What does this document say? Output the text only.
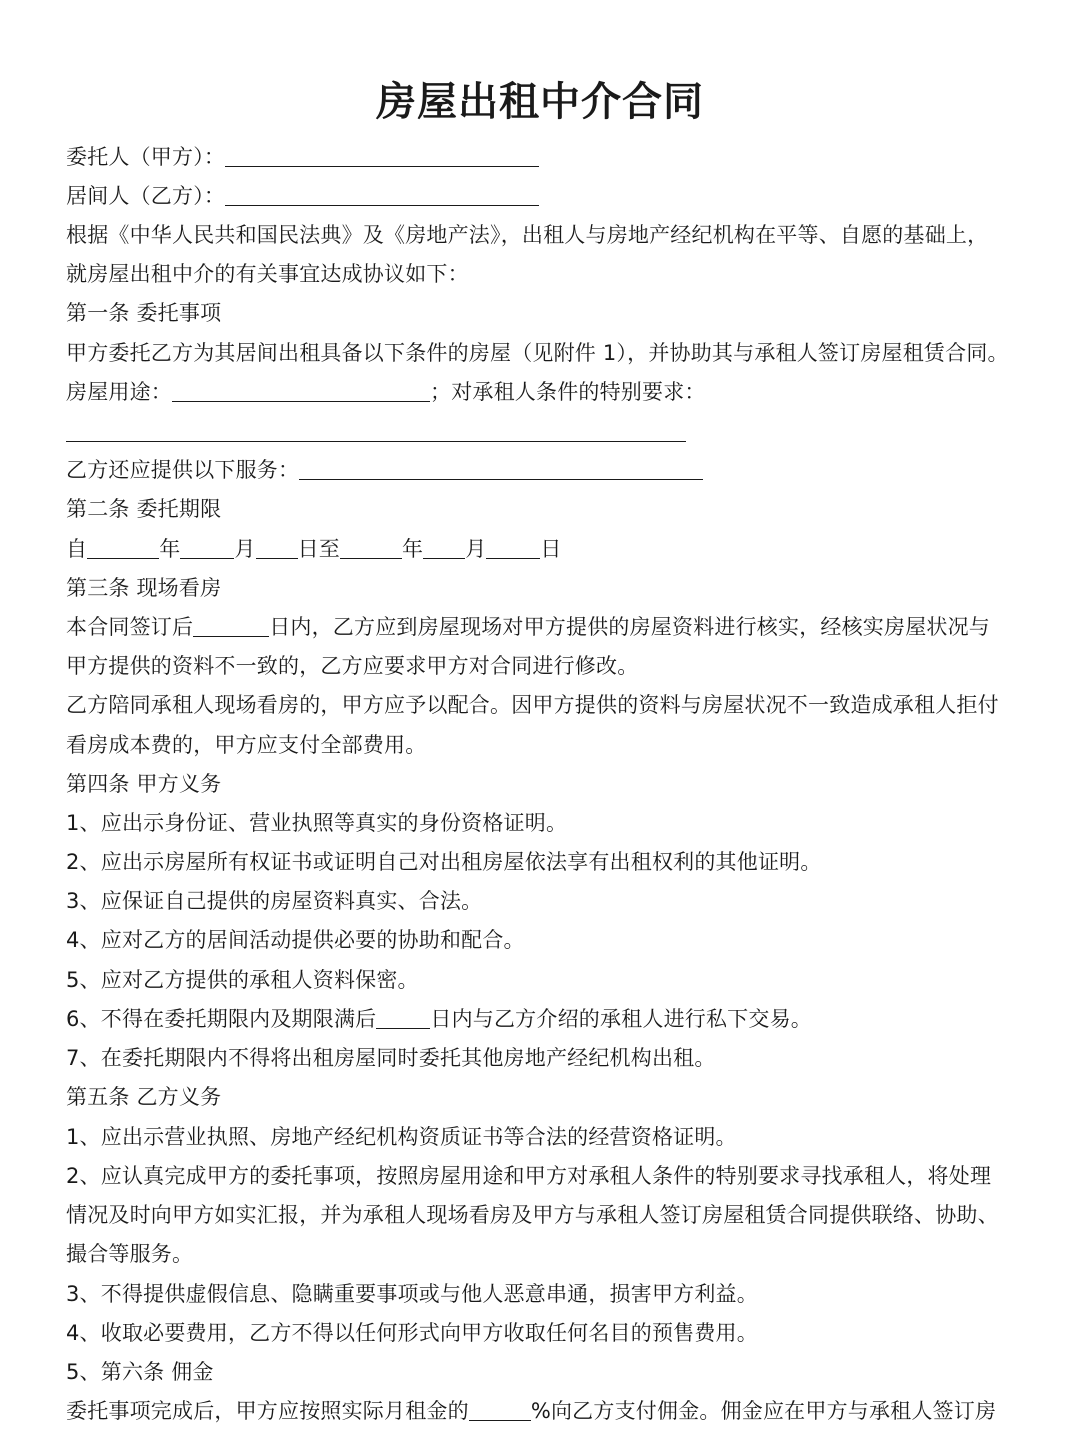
房屋出租中介合同
委托人（甲方）：
居间人（乙方）：
根据《中华人民共和国民法典》及《房地产法》，出租人与房地产经纪机构在平等、自愿的基础上，
就房屋出租中介的有关事宜达成协议如下：
第一条 委托事项
甲方委托乙方为其居间出租具备以下条件的房屋（见附件 1），并协助其与承租人签订房屋租赁合同。
房屋用途：	；对承租人条件的特别要求：
乙方还应提供以下服务：
第二条 委托期限
自	年	月 日至	年 月	日
第三条 现场看房
本合同签订后	日内，乙方应到房屋现场对甲方提供的房屋资料进行核实，经核实房屋状况与
甲方提供的资料不一致的，乙方应要求甲方对合同进行修改。
乙方陪同承租人现场看房的，甲方应予以配合。因甲方提供的资料与房屋状况不一致造成承租人拒付
看房成本费的，甲方应支付全部费用。
第四条 甲方义务
1、应出示身份证、营业执照等真实的身份资格证明。
2、应出示房屋所有权证书或证明自己对出租房屋依法享有出租权利的其他证明。
3、应保证自己提供的房屋资料真实、合法。
4、应对乙方的居间活动提供必要的协助和配合。
5、应对乙方提供的承租人资料保密。
6、不得在委托期限内及期限满后	日内与乙方介绍的承租人进行私下交易。
7、在委托期限内不得将出租房屋同时委托其他房地产经纪机构出租。
第五条 乙方义务
1、应出示营业执照、房地产经纪机构资质证书等合法的经营资格证明。
2、应认真完成甲方的委托事项，按照房屋用途和甲方对承租人条件的特别要求寻找承租人，将处理
情况及时向甲方如实汇报，并为承租人现场看房及甲方与承租人签订房屋租赁合同提供联络、协助、
撮合等服务。
3、不得提供虚假信息、隐瞒重要事项或与他人恶意串通，损害甲方利益。
4、收取必要费用，乙方不得以任何形式向甲方收取任何名目的预售费用。
5、第六条 佣金
委托事项完成后，甲方应按照实际月租金的	%向乙方支付佣金。佣金应在甲方与承租人签订房
